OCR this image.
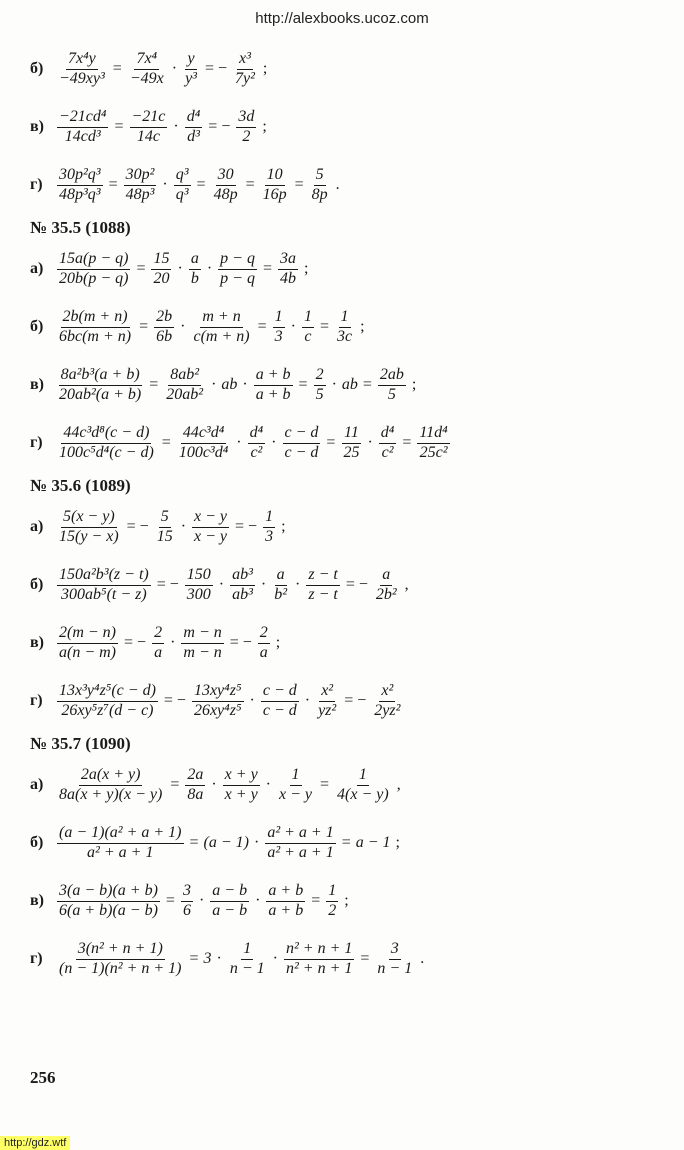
http://alexbooks.ucoz.com
$б) \frac{\text{7x⁴y}}{\text{−49xy³}} = \frac{\text{7x⁴}}{-49x} \cdot \frac{y}{\text{y³}}$ = − $\frac{\text{x³}}{\text{7y²}}$ ;
$в) \frac{\text{−21cd⁴}}{\text{14cd³}} = \frac{-21c}{14c} \cdot \frac{\text{d⁴}}{\text{d³}}$ = − $\frac{3d}{2}$ ;
$г) \frac{\text{30p²q³}}{\text{48p³q³}} = \frac{\text{30p²}}{\text{48p³}} \cdot \frac{\text{q³}}{\text{q³}} = \frac{30}{48p} = \frac{10}{16p} = \frac{5}{8p}$ .
№ 35.5 (1088)
$а) \frac{15a(p - q)}{20b(p - q)} = \frac{15}{20} \cdot \frac{a}{b} \cdot \frac{p - q}{p - q} = \frac{3a}{4b}$ ;
$б) \frac{2b(m + n)}{6bc(m + n)} = \frac{2b}{6b} \cdot \frac{m + n}{c(m + n)} = \frac{1}{3} \cdot \frac{1}{c} = \frac{1}{3c}$ ;
$в) \frac{\text{8a²b³(a + b)}}{\text{20ab²(a + b)}} = \frac{\text{8ab²}}{\text{20ab²}}$ · ab · $\frac{a + b}{a + b} = \frac{2}{5}$ · ab = $\frac{2ab}{5}$ ;
$г) \frac{\text{44c³d⁸(c − d)}}{\text{100c⁵d⁴(c − d)}} = \frac{\text{44c³d⁴}}{\text{100c³d⁴}} \cdot \frac{\text{d⁴}}{\text{c²}} \cdot \frac{c - d}{c - d} = \frac{11}{25} \cdot \frac{\text{d⁴}}{\text{c²}} = \frac{\text{11d⁴}}{\text{25c²}}$
№ 35.6 (1089)
$а) \frac{5(x - y)}{15(y - x)}$ = − $\frac{5}{15} \cdot \frac{x - y}{x - y}$ = − $\frac{1}{3}$ ;
$б) \frac{\text{150a²b³(z − t)}}{\text{300ab⁵(t − z)}}$ = − $\frac{150}{300} \cdot \frac{\text{ab³}}{\text{ab³}} \cdot \frac{a}{\text{b²}} \cdot \frac{z - t}{z - t}$ = − $\frac{a}{\text{2b²}}$ ,
$в) \frac{2(m - n)}{a(n - m)}$ = − $\frac{2}{a} \cdot \frac{m - n}{m - n}$ = − $\frac{2}{a}$ ;
$г) \frac{\text{13x³y⁴z⁵(c − d)}}{\text{26xy⁵z⁷(d − c)}}$ = − $\frac{\text{13xy⁴z⁵}}{\text{26xy⁴z⁵}} \cdot \frac{c - d}{c - d} \cdot \frac{\text{x²}}{\text{yz²}}$ = − $\frac{\text{x²}}{\text{2yz²}}$
№ 35.7 (1090)
$а) \frac{2a(x + y)}{8a(x + y)(x - y)} = \frac{2a}{8a} \cdot \frac{x + y}{x + y} \cdot \frac{1}{x - y} = \frac{1}{4(x - y)}$ ,
$б) \frac{\text{(a − 1)(a² + a + 1)}}{\text{a² + a + 1}} = (a - 1) \cdot \frac{\text{a² + a + 1}}{\text{a² + a + 1}} = a - 1$ ;
$в) \frac{3(a - b)(a + b)}{6(a + b)(a - b)} = \frac{3}{6} \cdot \frac{a - b}{a - b} \cdot \frac{a + b}{a + b} = \frac{1}{2}$ ;
$г) \frac{\text{3(n² + n + 1)}}{\text{(n − 1)(n² + n + 1)}} = 3 \cdot \frac{1}{n - 1} \cdot \frac{\text{n² + n + 1}}{\text{n² + n + 1}} = \frac{3}{n - 1}$ .
256
http://gdz.wtf
